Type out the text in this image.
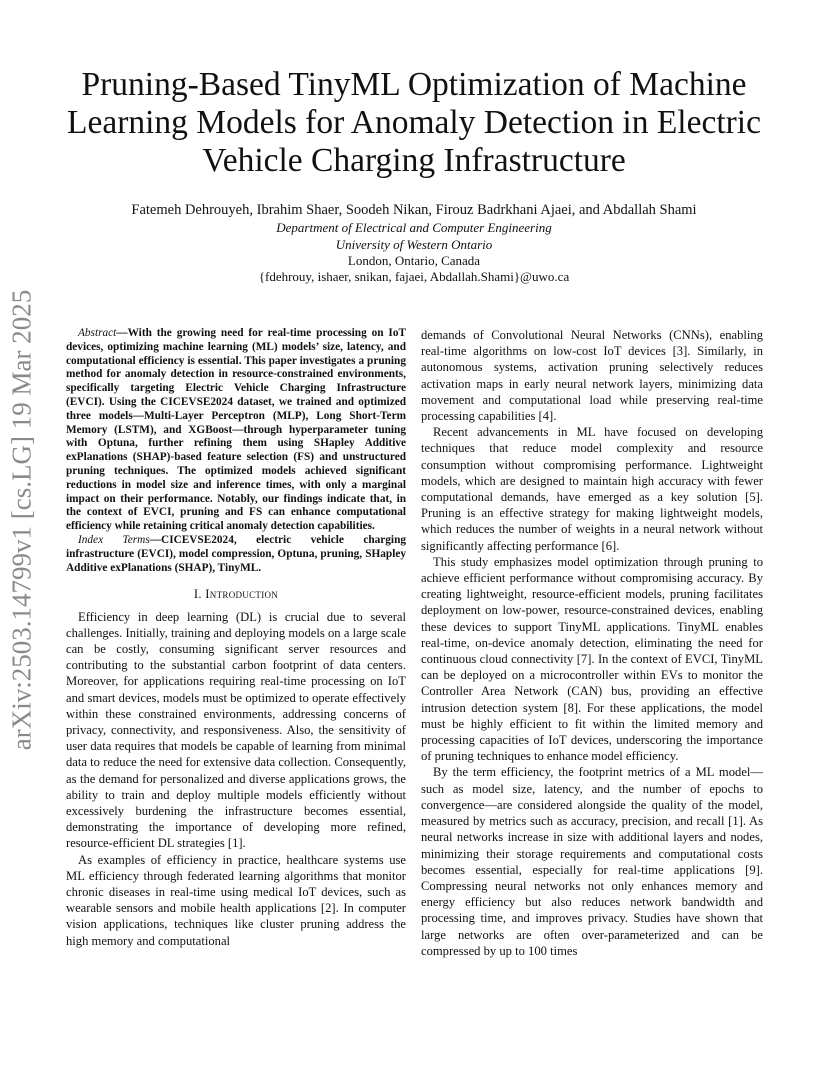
arXiv:2503.14799v1 [cs.LG] 19 Mar 2025
Pruning-Based TinyML Optimization of Machine Learning Models for Anomaly Detection in Electric Vehicle Charging Infrastructure
Fatemeh Dehrouyeh, Ibrahim Shaer, Soodeh Nikan, Firouz Badrkhani Ajaei, and Abdallah Shami
Department of Electrical and Computer Engineering
University of Western Ontario
London, Ontario, Canada
{fdehrouy, ishaer, snikan, fajaei, Abdallah.Shami}@uwo.ca

Abstract—With the growing need for real-time processing on IoT devices, optimizing machine learning (ML) models’ size, latency, and computational efficiency is essential. This paper investigates a pruning method for anomaly detection in resource-constrained environments, specifically targeting Electric Vehicle Charging Infrastructure (EVCI). Using the CICEVSE2024 dataset, we trained and optimized three models—Multi-Layer Perceptron (MLP), Long Short-Term Memory (LSTM), and XGBoost—through hyperparameter tuning with Optuna, further refining them using SHapley Additive exPlanations (SHAP)-based feature selection (FS) and unstructured pruning techniques. The optimized models achieved significant reductions in model size and inference times, with only a marginal impact on their performance. Notably, our findings indicate that, in the context of EVCI, pruning and FS can enhance computational efficiency while retaining critical anomaly detection capabilities.

Index Terms—CICEVSE2024, electric vehicle charging infrastructure (EVCI), model compression, Optuna, pruning, SHapley Additive exPlanations (SHAP), TinyML.

I. Introduction

Efficiency in deep learning (DL) is crucial due to several challenges. Initially, training and deploying models on a large scale can be costly, consuming significant server resources and contributing to the substantial carbon footprint of data centers. Moreover, for applications requiring real-time processing on IoT and smart devices, models must be optimized to operate effectively within these constrained environments, addressing concerns of privacy, connectivity, and responsiveness. Also, the sensitivity of user data requires that models be capable of learning from minimal data to reduce the need for extensive data collection. Consequently, as the demand for personalized and diverse applications grows, the ability to train and deploy multiple models efficiently without excessively burdening the infrastructure becomes essential, demonstrating the importance of developing more refined, resource-efficient DL strategies [1].

As examples of efficiency in practice, healthcare systems use ML efficiency through federated learning algorithms that monitor chronic diseases in real-time using medical IoT devices, such as wearable sensors and mobile health applications [2]. In computer vision applications, techniques like cluster pruning address the high memory and computational

demands of Convolutional Neural Networks (CNNs), enabling real-time algorithms on low-cost IoT devices [3]. Similarly, in autonomous systems, activation pruning selectively reduces activation maps in early neural network layers, minimizing data movement and computational load while preserving real-time processing capabilities [4].

Recent advancements in ML have focused on developing techniques that reduce model complexity and resource consumption without compromising performance. Lightweight models, which are designed to maintain high accuracy with fewer computational demands, have emerged as a key solution [5]. Pruning is an effective strategy for making lightweight models, which reduces the number of weights in a neural network without significantly affecting performance [6].

This study emphasizes model optimization through pruning to achieve efficient performance without compromising accuracy. By creating lightweight, resource-efficient models, pruning facilitates deployment on low-power, resource-constrained devices, enabling these devices to support TinyML applications. TinyML enables real-time, on-device anomaly detection, eliminating the need for continuous cloud connectivity [7]. In the context of EVCI, TinyML can be deployed on a microcontroller within EVs to monitor the Controller Area Network (CAN) bus, providing an effective intrusion detection system [8]. For these applications, the model must be highly efficient to fit within the limited memory and processing capacities of IoT devices, underscoring the importance of pruning techniques to enhance model efficiency.

By the term efficiency, the footprint metrics of a ML model—such as model size, latency, and the number of epochs to convergence—are considered alongside the quality of the model, measured by metrics such as accuracy, precision, and recall [1]. As neural networks increase in size with additional layers and nodes, minimizing their storage requirements and computational costs becomes essential, especially for real-time applications [9]. Compressing neural networks not only enhances memory and energy efficiency but also reduces network bandwidth and processing time, and improves privacy. Studies have shown that large networks are often over-parameterized and can be compressed by up to 100 times
